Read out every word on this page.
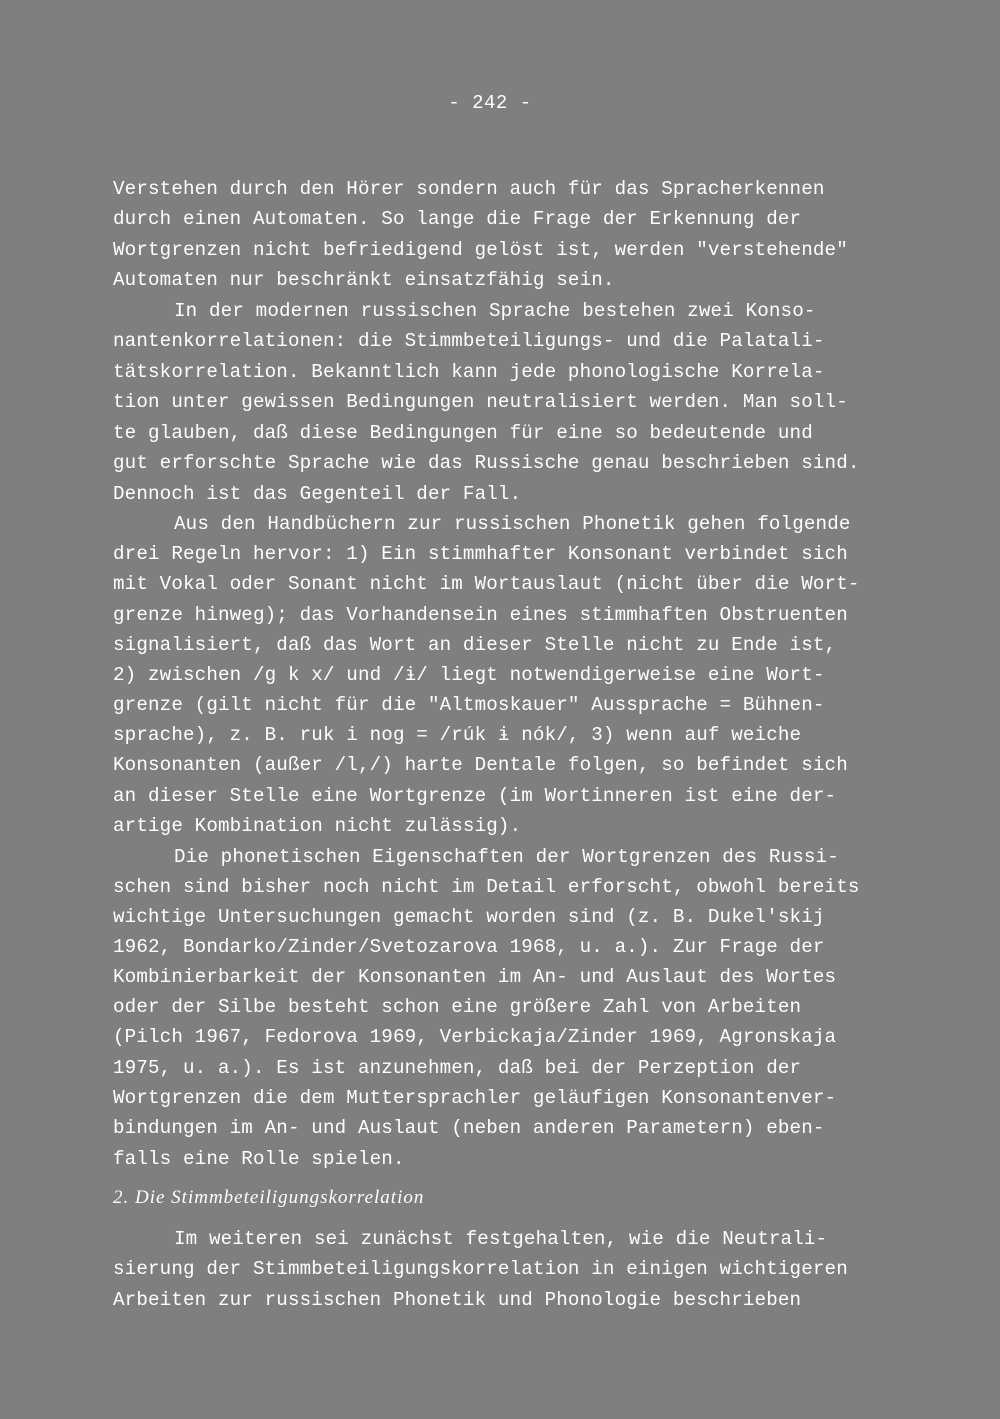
- 242 -
Verstehen durch den Hörer sondern auch für das Spracherkennen
durch einen Automaten. So lange die Frage der Erkennung der
Wortgrenzen nicht befriedigend gelöst ist, werden "verstehende"
Automaten nur beschränkt einsatzfähig sein.
In der modernen russischen Sprache bestehen zwei Konso-
nantenkorrelationen: die Stimmbeteiligungs- und die Palatali-
tätskorrelation. Bekanntlich kann jede phonologische Korrela-
tion unter gewissen Bedingungen neutralisiert werden. Man soll-
te glauben, daß diese Bedingungen für eine so bedeutende und
gut erforschte Sprache wie das Russische genau beschrieben sind.
Dennoch ist das Gegenteil der Fall.
Aus den Handbüchern zur russischen Phonetik gehen folgende
drei Regeln hervor: 1) Ein stimmhafter Konsonant verbindet sich
mit Vokal oder Sonant nicht im Wortauslaut (nicht über die Wort-
grenze hinweg); das Vorhandensein eines stimmhaften Obstruenten
signalisiert, daß das Wort an dieser Stelle nicht zu Ende ist,
2) zwischen /g k x/ und /ɨ/ liegt notwendigerweise eine Wort-
grenze (gilt nicht für die "Altmoskauer" Aussprache = Bühnen-
sprache), z. B. ruk i nog = /rúk ɨ nók/, 3) wenn auf weiche
Konsonanten (außer /l,/) harte Dentale folgen, so befindet sich
an dieser Stelle eine Wortgrenze (im Wortinneren ist eine der-
artige Kombination nicht zulässig).
Die phonetischen Eigenschaften der Wortgrenzen des Russi-
schen sind bisher noch nicht im Detail erforscht, obwohl bereits
wichtige Untersuchungen gemacht worden sind (z. B. Dukel'skij
1962, Bondarko/Zinder/Svetozarova 1968, u. a.). Zur Frage der
Kombinierbarkeit der Konsonanten im An- und Auslaut des Wortes
oder der Silbe besteht schon eine größere Zahl von Arbeiten
(Pilch 1967, Fedorova 1969, Verbickaja/Zinder 1969, Agronskaja
1975, u. a.). Es ist anzunehmen, daß bei der Perzeption der
Wortgrenzen die dem Muttersprachler geläufigen Konsonantenver-
bindungen im An- und Auslaut (neben anderen Parametern) eben-
falls eine Rolle spielen.
2. Die Stimmbeteiligungskorrelation
Im weiteren sei zunächst festgehalten, wie die Neutrali-
sierung der Stimmbeteiligungskorrelation in einigen wichtigeren
Arbeiten zur russischen Phonetik und Phonologie beschrieben
